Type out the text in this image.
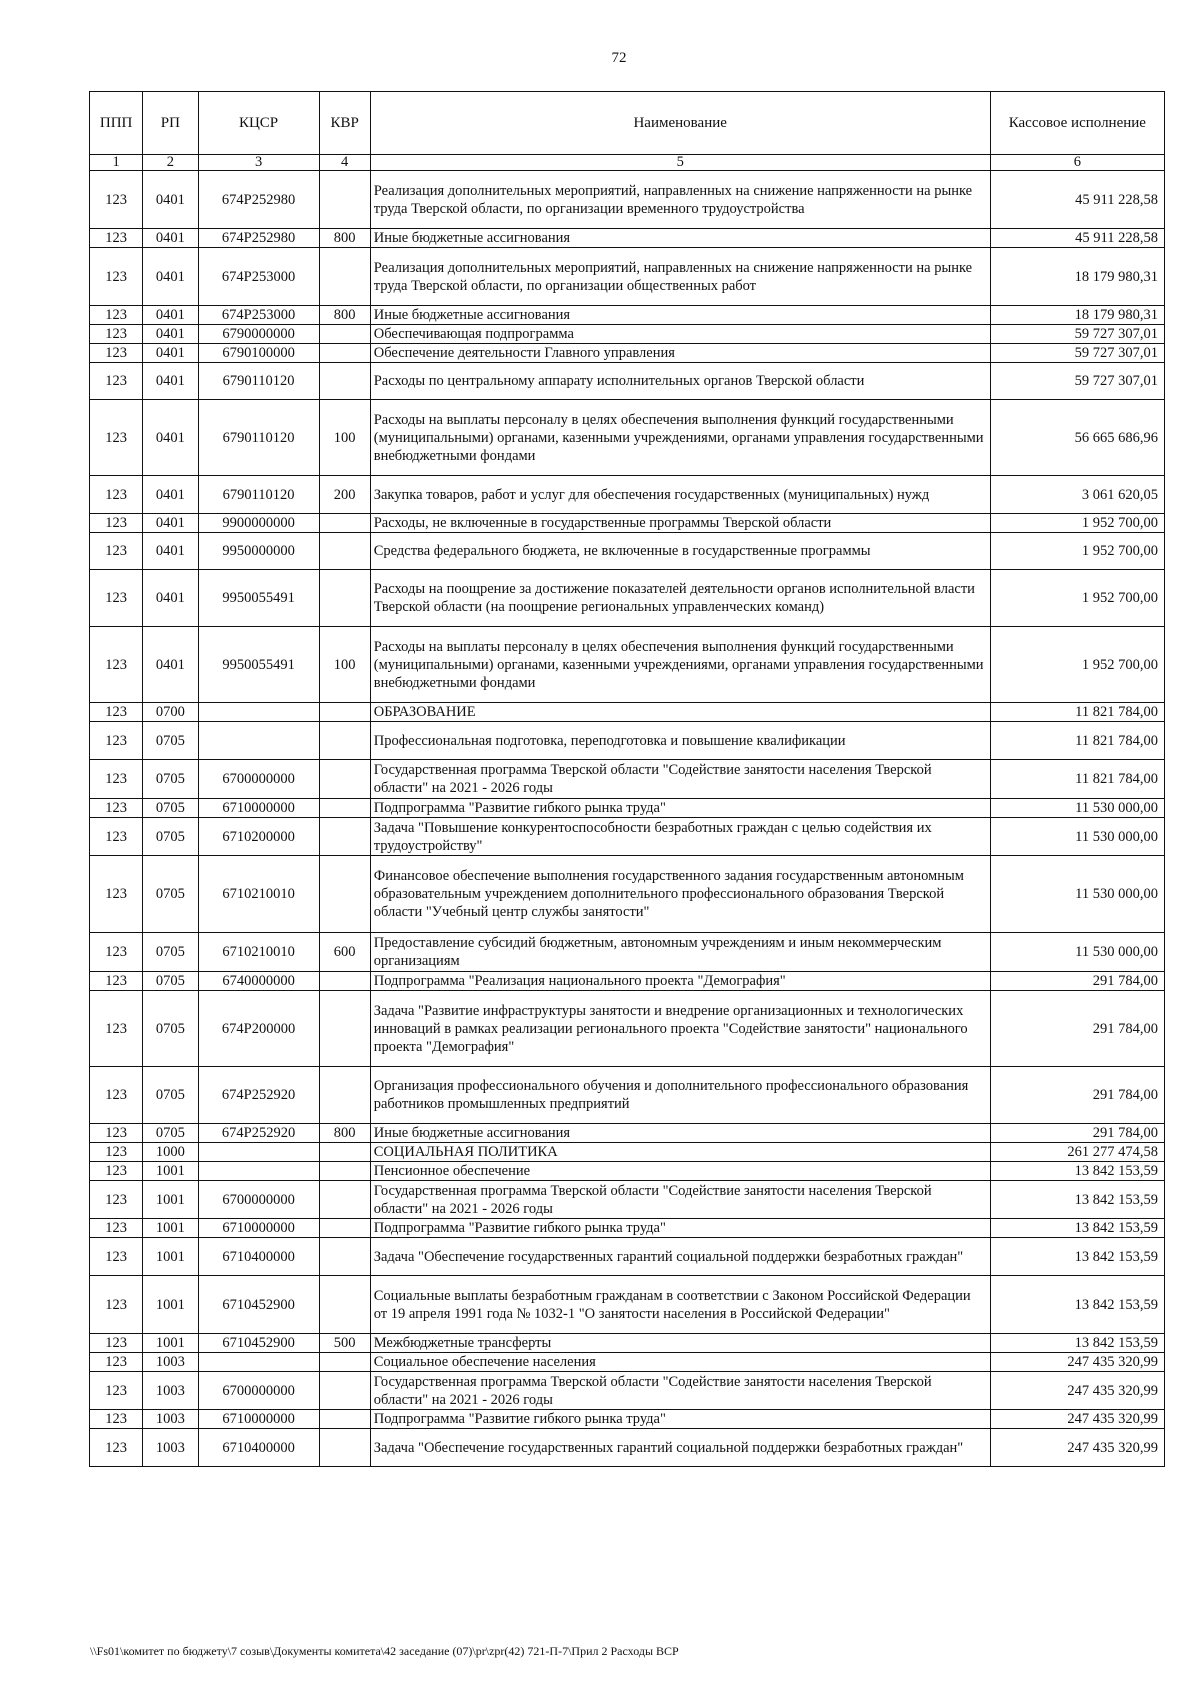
72
ППП	РП	КЦСР	КВР	Наименование	Кассовое исполнение
1	2	3	4	5	6
123	0401	674P252980		Реализация дополнительных мероприятий, направленных на снижение напряженности на рынке труда Тверской области, по организации временного трудоустройства	45 911 228,58
123	0401	674P252980	800	Иные бюджетные ассигнования	45 911 228,58
123	0401	674P253000		Реализация дополнительных мероприятий, направленных на снижение напряженности на рынке труда Тверской области, по организации общественных работ	18 179 980,31
123	0401	674P253000	800	Иные бюджетные ассигнования	18 179 980,31
123	0401	6790000000		Обеспечивающая подпрограмма	59 727 307,01
123	0401	6790100000		Обеспечение деятельности Главного управления	59 727 307,01
123	0401	6790110120		Расходы по центральному аппарату исполнительных органов Тверской области	59 727 307,01
123	0401	6790110120	100	Расходы на выплаты персоналу в целях обеспечения выполнения функций государственными (муниципальными) органами, казенными учреждениями, органами управления государственными внебюджетными фондами	56 665 686,96
123	0401	6790110120	200	Закупка товаров, работ и услуг для обеспечения государственных (муниципальных) нужд	3 061 620,05
123	0401	9900000000		Расходы, не включенные в государственные программы Тверской области	1 952 700,00
123	0401	9950000000		Средства федерального бюджета, не включенные в государственные программы	1 952 700,00
123	0401	9950055491		Расходы на поощрение за достижение показателей деятельности органов исполнительной власти Тверской области (на поощрение региональных управленческих команд)	1 952 700,00
123	0401	9950055491	100	Расходы на выплаты персоналу в целях обеспечения выполнения функций государственными (муниципальными) органами, казенными учреждениями, органами управления государственными внебюджетными фондами	1 952 700,00
123	0700			ОБРАЗОВАНИЕ	11 821 784,00
123	0705			Профессиональная подготовка, переподготовка и повышение квалификации	11 821 784,00
123	0705	6700000000		Государственная программа Тверской области "Содействие занятости населения Тверской области" на 2021 - 2026 годы	11 821 784,00
123	0705	6710000000		Подпрограмма "Развитие гибкого рынка труда"	11 530 000,00
123	0705	6710200000		Задача "Повышение конкурентоспособности безработных граждан с целью содействия их трудоустройству"	11 530 000,00
123	0705	6710210010		Финансовое обеспечение выполнения государственного задания государственным автономным образовательным учреждением дополнительного профессионального образования Тверской области "Учебный центр службы занятости"	11 530 000,00
123	0705	6710210010	600	Предоставление субсидий бюджетным, автономным учреждениям и иным некоммерческим организациям	11 530 000,00
123	0705	6740000000		Подпрограмма "Реализация национального проекта "Демография"	291 784,00
123	0705	674P200000		Задача "Развитие инфраструктуры занятости и внедрение организационных и технологических инноваций в рамках реализации регионального проекта "Содействие занятости" национального проекта "Демография"	291 784,00
123	0705	674P252920		Организация профессионального обучения и дополнительного профессионального образования работников промышленных предприятий	291 784,00
123	0705	674P252920	800	Иные бюджетные ассигнования	291 784,00
123	1000			СОЦИАЛЬНАЯ ПОЛИТИКА	261 277 474,58
123	1001			Пенсионное обеспечение	13 842 153,59
123	1001	6700000000		Государственная программа Тверской области "Содействие занятости населения Тверской области" на 2021 - 2026 годы	13 842 153,59
123	1001	6710000000		Подпрограмма "Развитие гибкого рынка труда"	13 842 153,59
123	1001	6710400000		Задача "Обеспечение государственных гарантий социальной поддержки безработных граждан"	13 842 153,59
123	1001	6710452900		Социальные выплаты безработным гражданам в соответствии с Законом Российской Федерации от 19 апреля 1991 года № 1032-1 "О занятости населения в Российской Федерации"	13 842 153,59
123	1001	6710452900	500	Межбюджетные трансферты	13 842 153,59
123	1003			Социальное обеспечение населения	247 435 320,99
123	1003	6700000000		Государственная программа Тверской области "Содействие занятости населения Тверской области" на 2021 - 2026 годы	247 435 320,99
123	1003	6710000000		Подпрограмма "Развитие гибкого рынка труда"	247 435 320,99
123	1003	6710400000		Задача "Обеспечение государственных гарантий социальной поддержки безработных граждан"	247 435 320,99
\\Fs01\комитет по бюджету\7 созыв\Документы комитета\42 заседание (07)\pr\zpr(42) 721-П-7\Прил 2 Расходы ВСР
